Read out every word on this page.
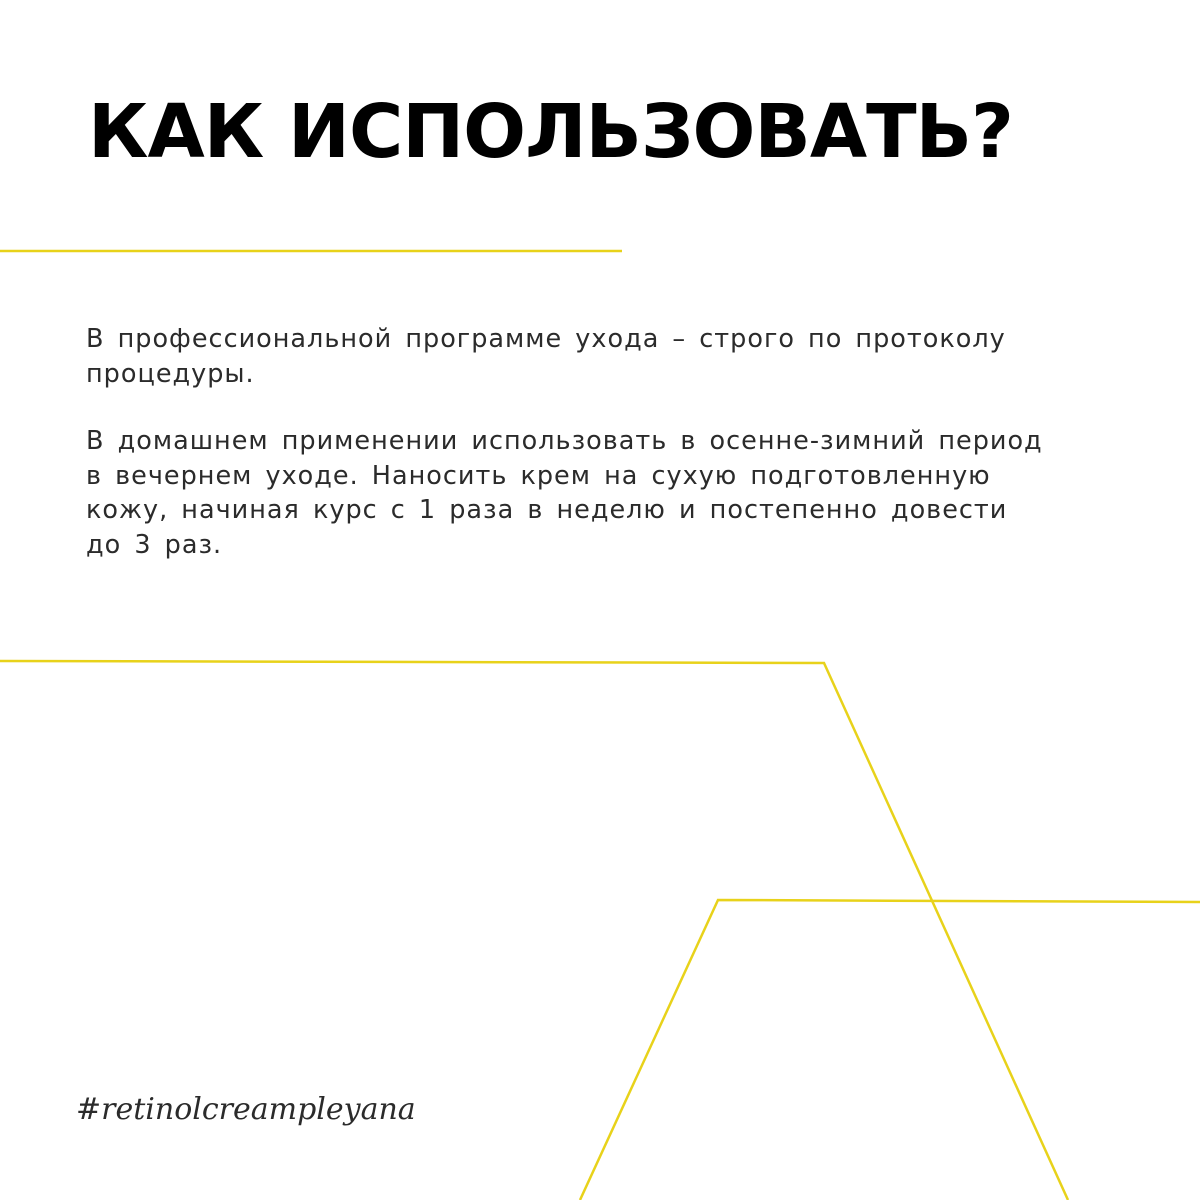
КАК ИСПОЛЬЗОВАТЬ?

В профессиональной программе ухода – строго по протоколу
процедуры.

В домашнем применении использовать в осенне-зимний период
в вечернем уходе. Наносить крем на сухую подготовленную
кожу, начиная курс с 1 раза в неделю и постепенно довести
до 3 раз.

#retinolcreampleyana
